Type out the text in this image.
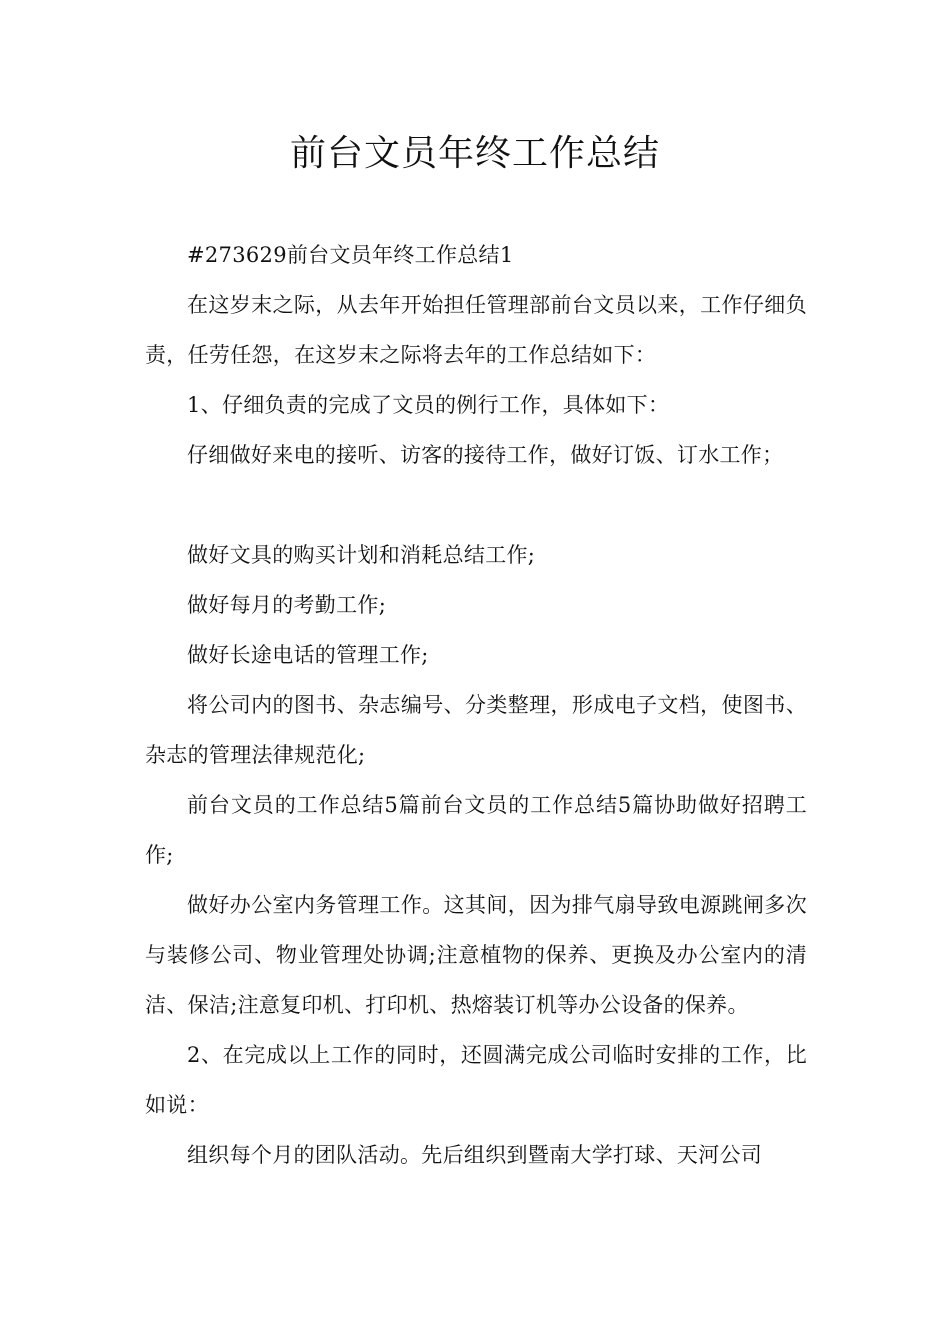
前台文员年终工作总结

#273629前台文员年终工作总结1

在这岁末之际，从去年开始担任管理部前台文员以来，工作仔细负责，任劳任怨，在这岁末之际将去年的工作总结如下：

1、仔细负责的完成了文员的例行工作，具体如下：

仔细做好来电的接听、访客的接待工作，做好订饭、订水工作；

做好文具的购买计划和消耗总结工作;

做好每月的考勤工作;

做好长途电话的管理工作;

将公司内的图书、杂志编号、分类整理，形成电子文档，使图书、杂志的管理法律规范化;

前台文员的工作总结5篇前台文员的工作总结5篇协助做好招聘工作;

做好办公室内务管理工作。这其间，因为排气扇导致电源跳闸多次与装修公司、物业管理处协调;注意植物的保养、更换及办公室内的清洁、保洁;注意复印机、打印机、热熔装订机等办公设备的保养。

2、在完成以上工作的同时，还圆满完成公司临时安排的工作，比如说：

组织每个月的团队活动。先后组织到暨南大学打球、天河公司
